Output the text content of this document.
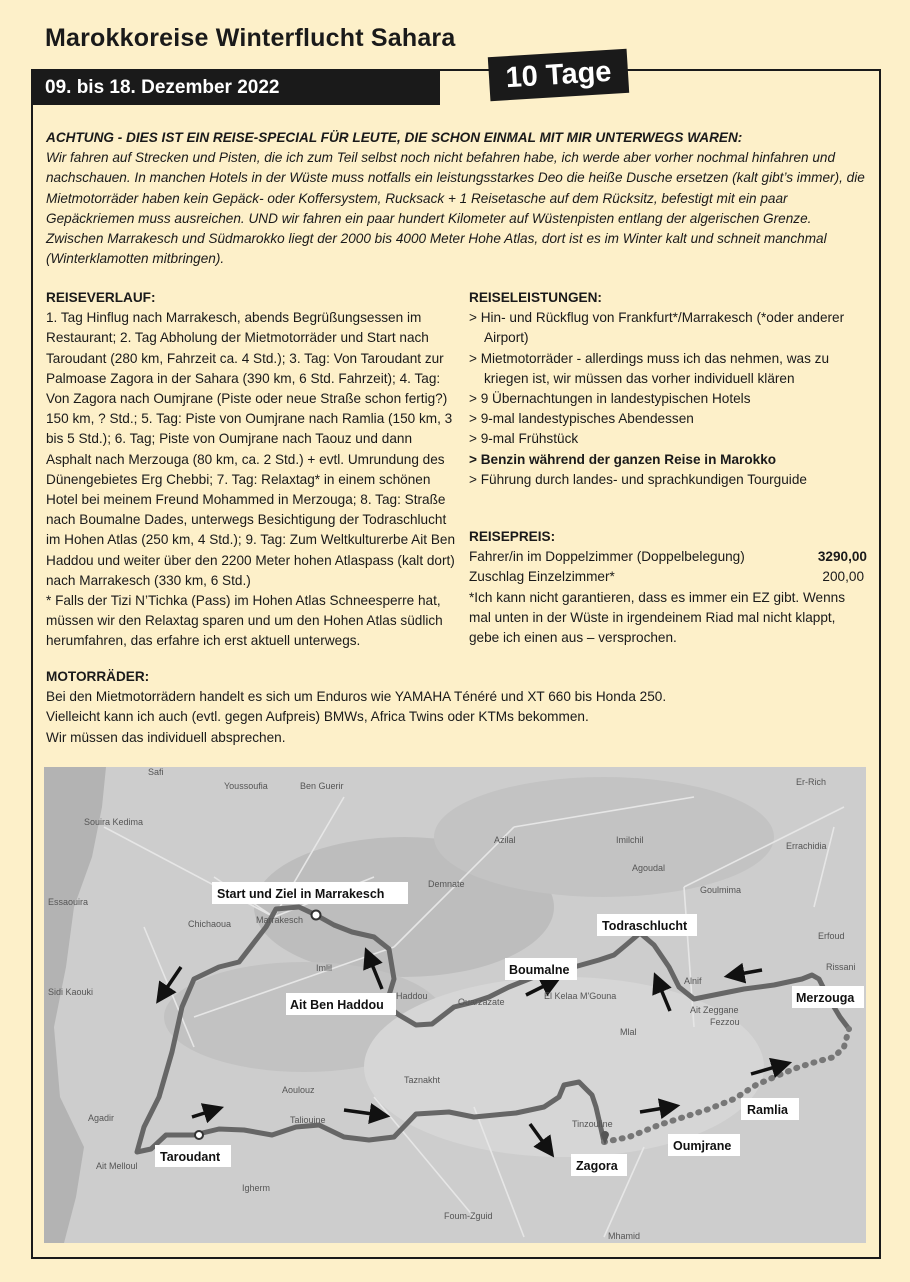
Marokkoreise Winterflucht Sahara
09. bis 18. Dezember 2022	10 Tage
ACHTUNG - DIES IST EIN REISE-SPECIAL FÜR LEUTE, DIE SCHON EINMAL MIT MIR UNTERWEGS WAREN:
Wir fahren auf Strecken und Pisten, die ich zum Teil selbst noch nicht befahren habe, ich werde aber vorher nochmal hinfahren und nachschauen. In manchen Hotels in der Wüste muss notfalls ein leistungsstarkes Deo die heiße Dusche ersetzen (kalt gibt’s immer), die Mietmotorräder haben kein Gepäck- oder Koffersystem, Rucksack + 1 Reisetasche auf dem Rücksitz, befestigt mit ein paar Gepäckriemen muss ausreichen. UND wir fahren ein paar hundert Kilometer auf Wüstenpisten entlang der algerischen Grenze. Zwischen Marrakesch und Südmarokko liegt der 2000 bis 4000 Meter Hohe Atlas, dort ist es im Winter kalt und schneit manchmal (Winterklamotten mitbringen).
REISEVERLAUF:
1. Tag Hinflug nach Marrakesch, abends Begrüßungsessen im Restaurant; 2. Tag Abholung der Mietmotorräder und Start nach Taroudant (280 km, Fahrzeit ca. 4 Std.); 3. Tag: Von Taroudant zur Palmoase Zagora in der Sahara (390 km, 6 Std. Fahrzeit); 4. Tag: Von Zagora nach Oumjrane (Piste oder neue Straße schon fertig?) 150 km, ? Std.; 5. Tag: Piste von Oumjrane nach Ramlia (150 km, 3 bis 5 Std.); 6. Tag; Piste von Oumjrane nach Taouz und dann Asphalt nach Merzouga (80 km, ca. 2 Std.) + evtl. Umrundung des Dünengebietes Erg Chebbi; 7. Tag: Relaxtag* in einem schönen Hotel bei meinem Freund Mohammed in Merzouga; 8. Tag: Straße nach Boumalne Dades, unterwegs Besichtigung der Todraschlucht im Hohen Atlas (250 km, 4 Std.); 9. Tag: Zum Weltkulturerbe Ait Ben Haddou und weiter über den 2200 Meter hohen Atlaspass (kalt dort) nach Marrakesch (330 km, 6 Std.)
* Falls der Tizi N’Tichka (Pass) im Hohen Atlas Schneesperre hat, müssen wir den Relaxtag sparen und um den Hohen Atlas südlich herumfahren, das erfahre ich erst aktuell unterwegs.
REISELEISTUNGEN:
> Hin- und Rückflug von Frankfurt*/Marrakesch (*oder anderer Airport)
> Mietmotorräder - allerdings muss ich das nehmen, was zu kriegen ist, wir müssen das vorher individuell klären
> 9 Übernachtungen in landestypischen Hotels
> 9-mal landestypisches Abendessen
> 9-mal Frühstück
> Benzin während der ganzen Reise in Marokko
> Führung durch landes- und sprachkundigen Tourguide
REISEPREIS:
Fahrer/in im Doppelzimmer (Doppelbelegung)	3290,00
Zuschlag Einzelzimmer*	200,00
*Ich kann nicht garantieren, dass es immer ein EZ gibt. Wenns mal unten in der Wüste in irgendeinem Riad mal nicht klappt, gebe ich einen aus – versprochen.
MOTORRÄDER:
Bei den Mietmotorrädern handelt es sich um Enduros wie YAMAHA Ténéré und XT 660 bis Honda 250.
Vielleicht kann ich auch (evtl. gegen Aufpreis) BMWs, Africa Twins oder KTMs bekommen.
Wir müssen das individuell absprechen.
Safi
Youssoufia	Ben Guerir
Souira Kedima
Essaouira
Chichaoua	Marrakesch
Demnate
Azilal	Imilchil
Agoudal
Er-Rich
Errachidia
Goulmima
Erfoud
Rissani
Alnif
Ait Zeggane
Fezzou
Ouarzazate
El Kelaa M'Gouna
Haddou
Imlil
Sidi Kaouki
Agadir
Ait Melloul
Aoulouz
Taliouine
Taznakht
Tinzouline
Igherm
Foum-Zguid
Mhamid
Mlal
Start und Ziel in Marrakesch
Ait Ben Haddou
Boumalne
Todraschlucht
Merzouga
Ramlia
Oumjrane
Zagora
Taroudant
